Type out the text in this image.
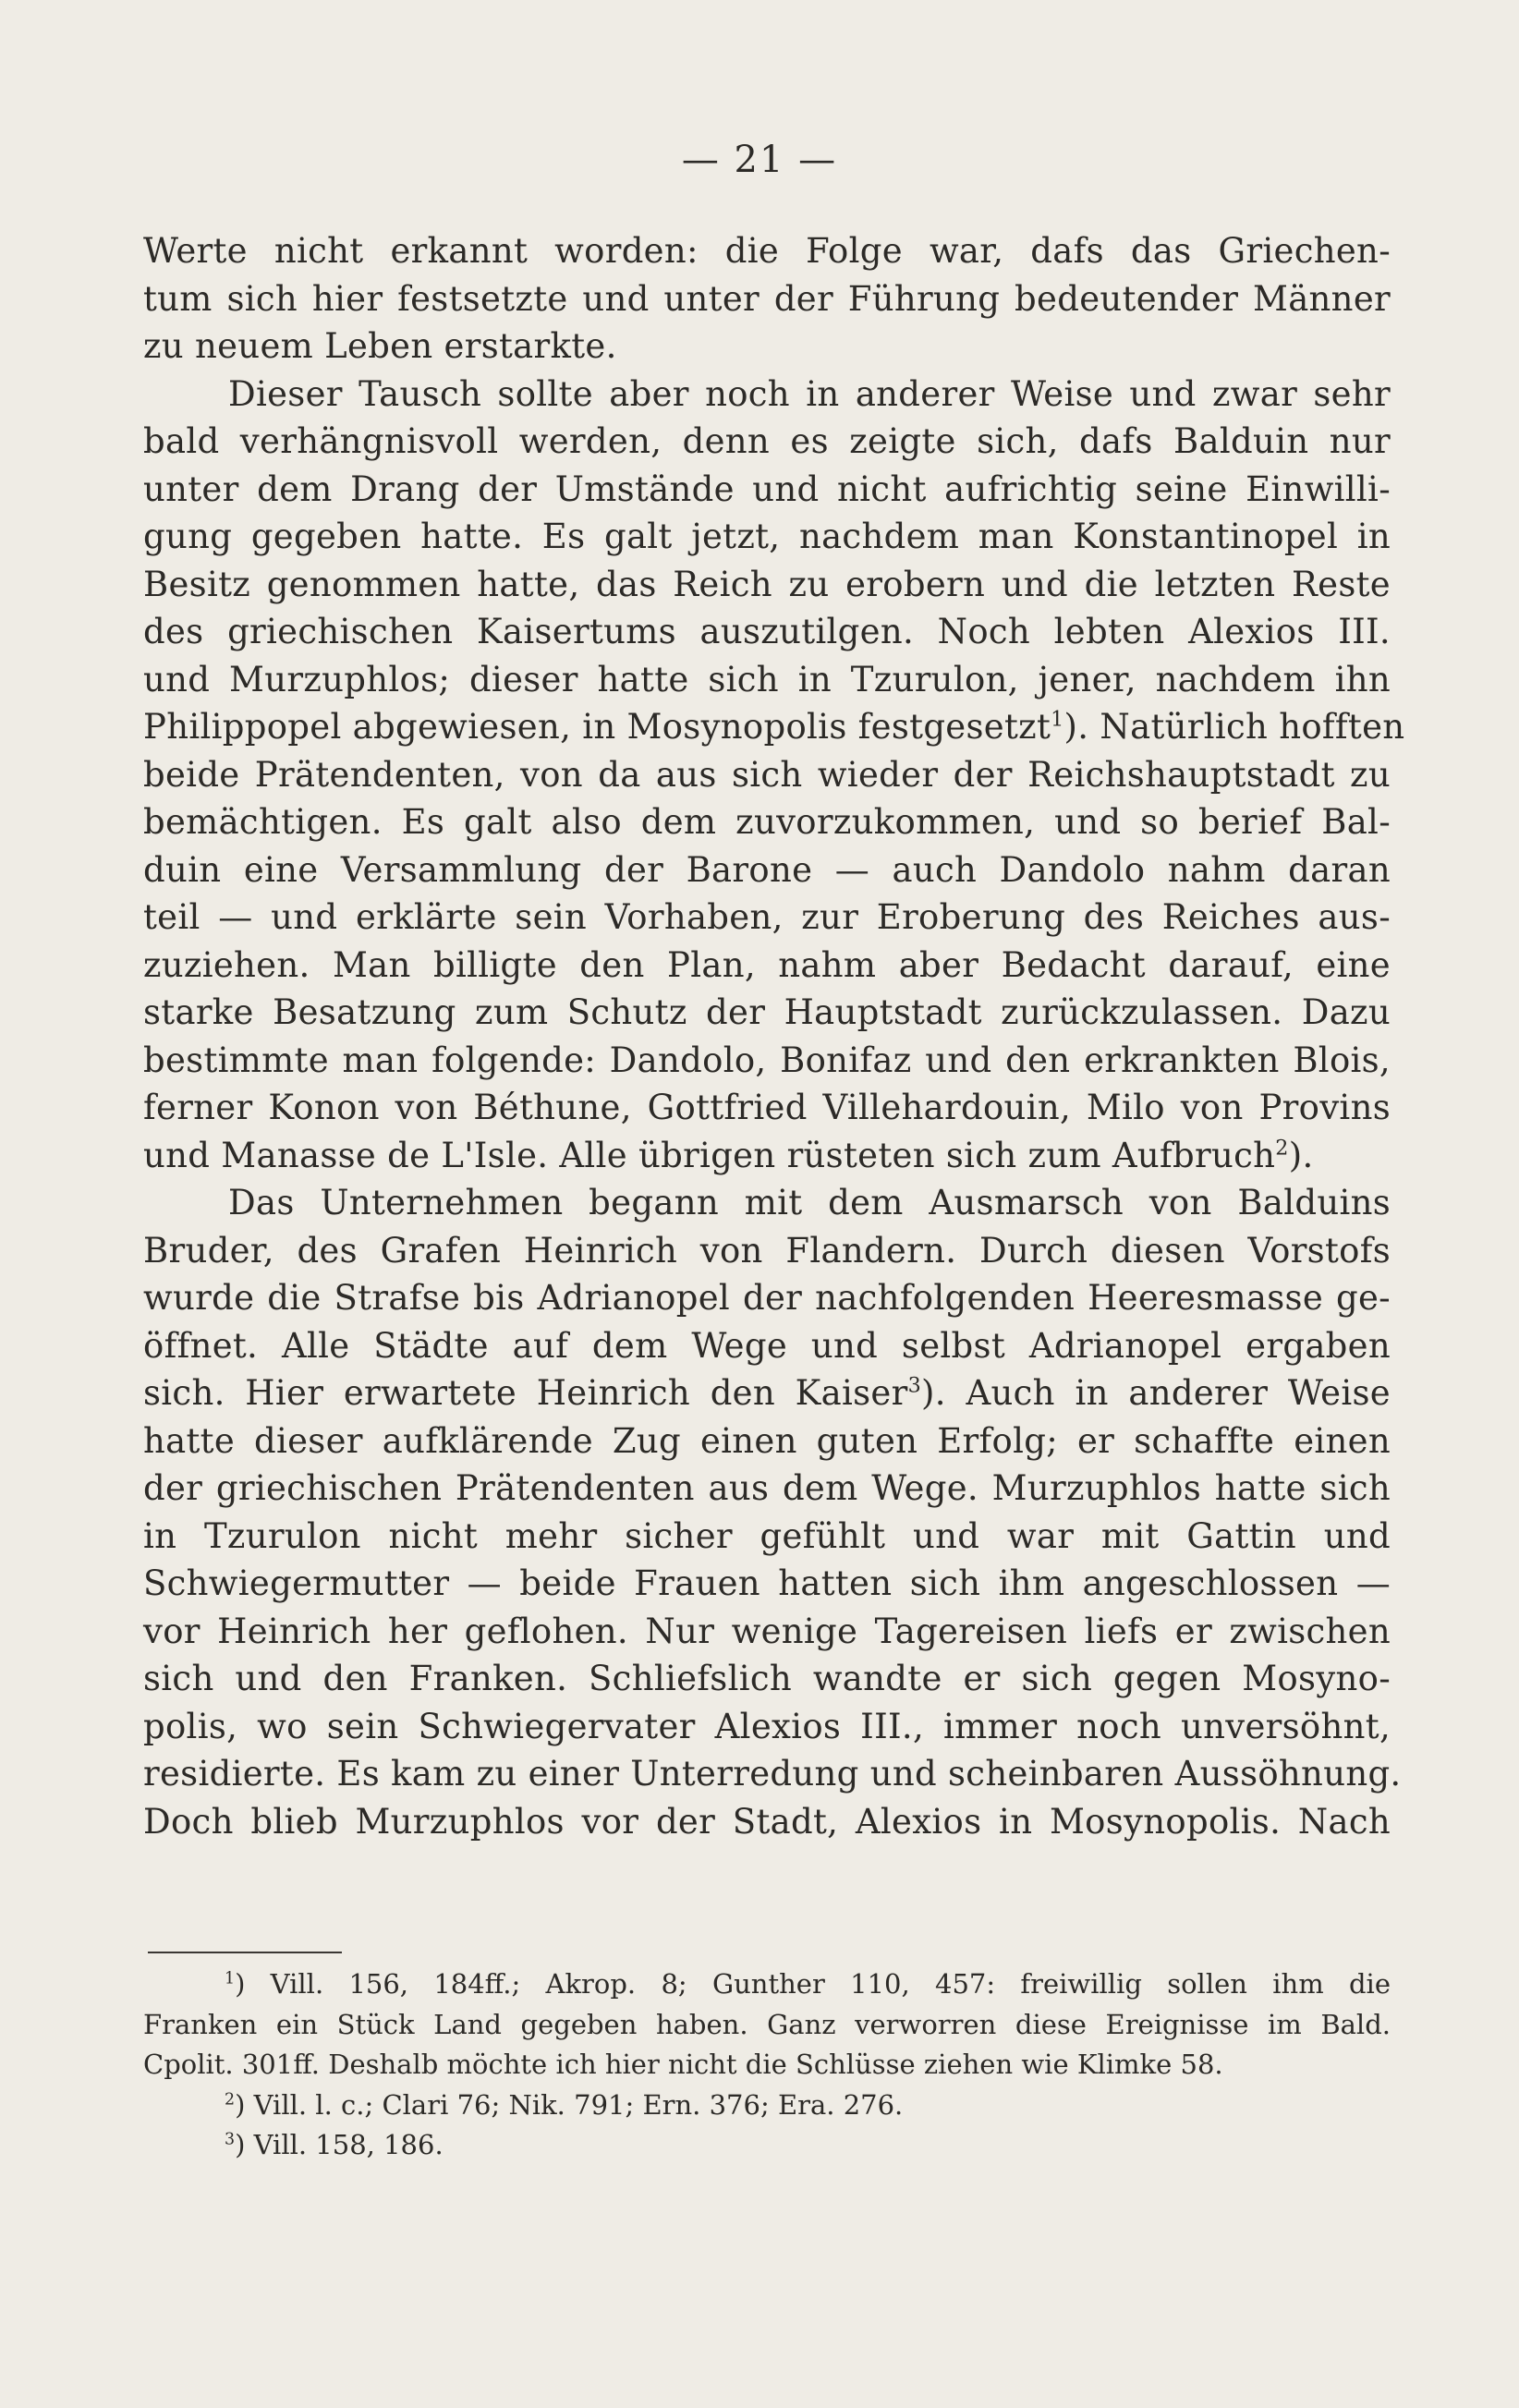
— 21 —
Werte nicht erkannt worden: die Folge war, dafs das Griechen-
tum sich hier festsetzte und unter der Führung bedeutender Männer
zu neuem Leben erstarkte.
Dieser Tausch sollte aber noch in anderer Weise und zwar sehr
bald verhängnisvoll werden, denn es zeigte sich, dafs Balduin nur
unter dem Drang der Umstände und nicht aufrichtig seine Einwilli-
gung gegeben hatte. Es galt jetzt, nachdem man Konstantinopel in
Besitz genommen hatte, das Reich zu erobern und die letzten Reste
des griechischen Kaisertums auszutilgen. Noch lebten Alexios III.
und Murzuphlos; dieser hatte sich in Tzurulon, jener, nachdem ihn
Philippopel abgewiesen, in Mosynopolis festgesetzt$^1$). Natürlich hofften
beide Prätendenten, von da aus sich wieder der Reichshauptstadt zu
bemächtigen. Es galt also dem zuvorzukommen, und so berief Bal-
duin eine Versammlung der Barone — auch Dandolo nahm daran
teil — und erklärte sein Vorhaben, zur Eroberung des Reiches aus-
zuziehen. Man billigte den Plan, nahm aber Bedacht darauf, eine
starke Besatzung zum Schutz der Hauptstadt zurückzulassen. Dazu
bestimmte man folgende: Dandolo, Bonifaz und den erkrankten Blois,
ferner Konon von Béthune, Gottfried Villehardouin, Milo von Provins
und Manasse de L'Isle. Alle übrigen rüsteten sich zum Aufbruch$^2$).
Das Unternehmen begann mit dem Ausmarsch von Balduins
Bruder, des Grafen Heinrich von Flandern. Durch diesen Vorstofs
wurde die Strafse bis Adrianopel der nachfolgenden Heeresmasse ge-
öffnet. Alle Städte auf dem Wege und selbst Adrianopel ergaben
sich. Hier erwartete Heinrich den Kaiser$^3$). Auch in anderer Weise
hatte dieser aufklärende Zug einen guten Erfolg; er schaffte einen
der griechischen Prätendenten aus dem Wege. Murzuphlos hatte sich
in Tzurulon nicht mehr sicher gefühlt und war mit Gattin und
Schwiegermutter — beide Frauen hatten sich ihm angeschlossen —
vor Heinrich her geflohen. Nur wenige Tagereisen liefs er zwischen
sich und den Franken. Schliefslich wandte er sich gegen Mosyno-
polis, wo sein Schwiegervater Alexios III., immer noch unversöhnt,
residierte. Es kam zu einer Unterredung und scheinbaren Aussöhnung.
Doch blieb Murzuphlos vor der Stadt, Alexios in Mosynopolis. Nach
$^1$) Vill. 156, 184ff.; Akrop. 8; Gunther 110, 457: freiwillig sollen ihm die
Franken ein Stück Land gegeben haben. Ganz verworren diese Ereignisse im Bald.
Cpolit. 301ff. Deshalb möchte ich hier nicht die Schlüsse ziehen wie Klimke 58.
$^2$) Vill. l. c.; Clari 76; Nik. 791; Ern. 376; Era. 276.
$^3$) Vill. 158, 186.
